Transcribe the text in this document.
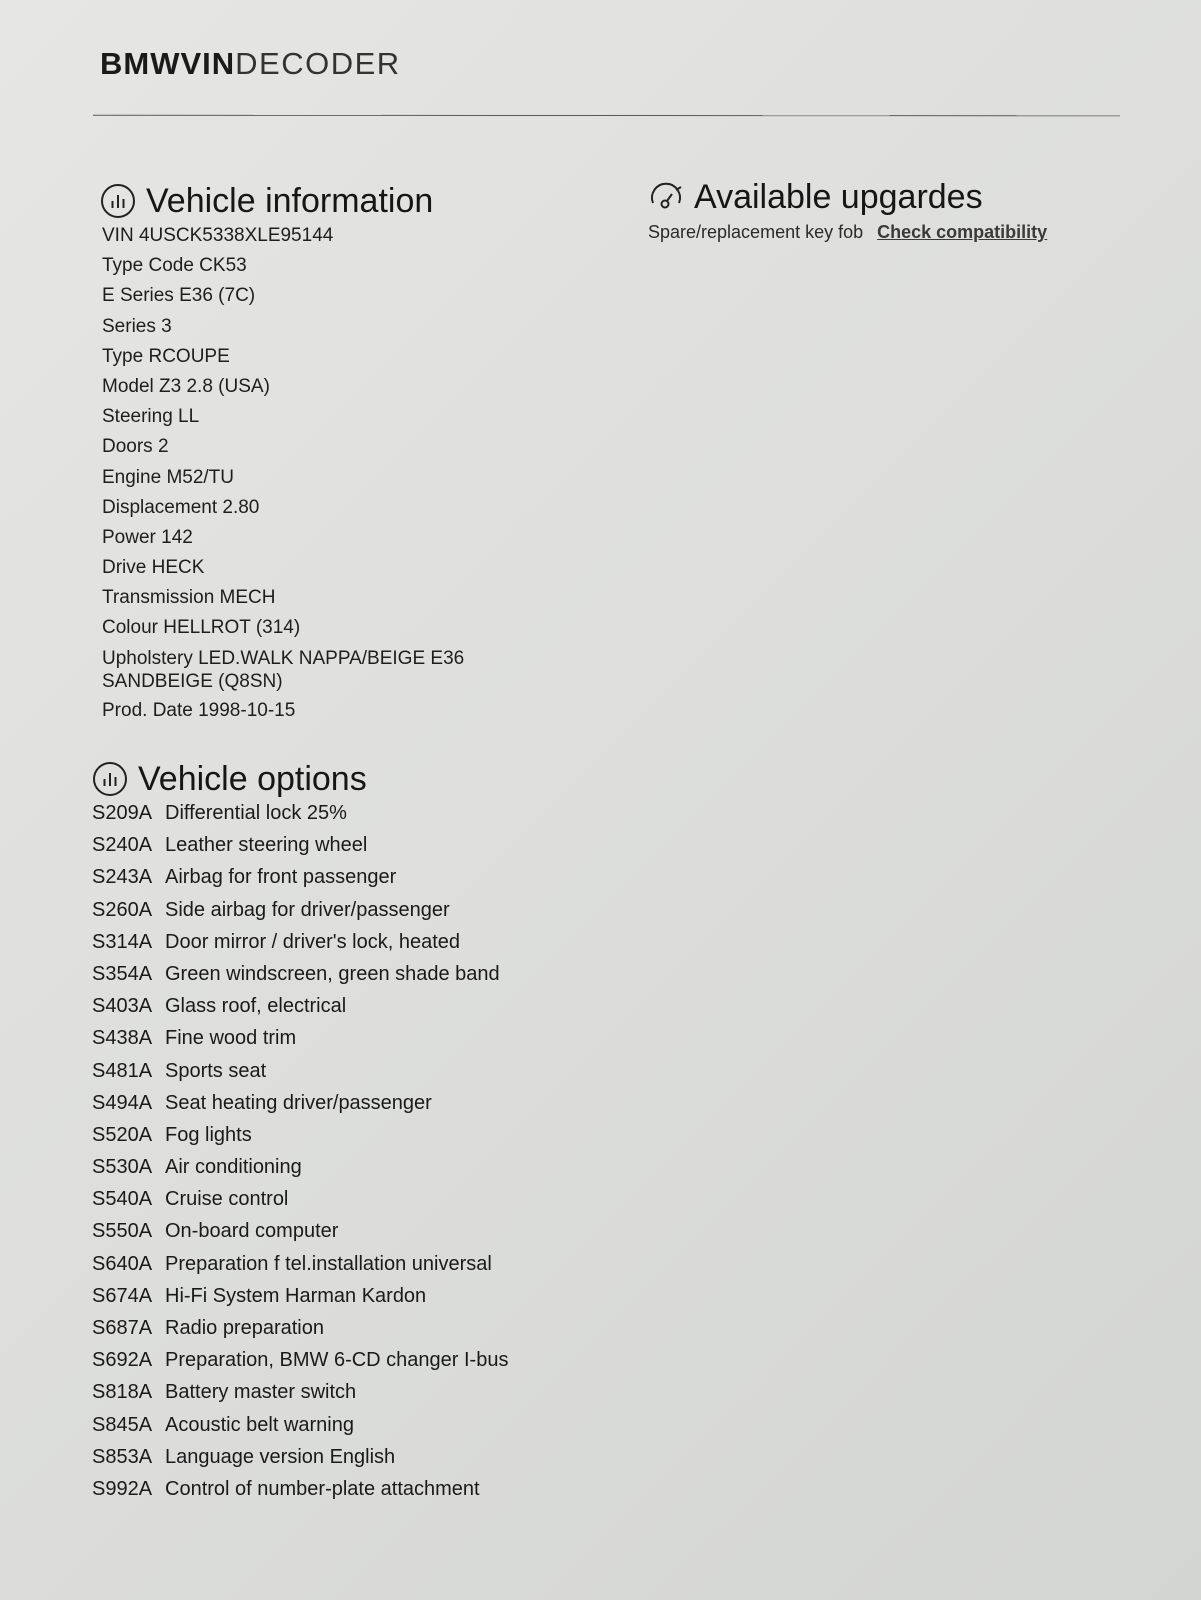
BMWVINDECODER
Vehicle information
VIN 4USCK5338XLE95144
Type Code CK53
E Series E36 (7C)
Series 3
Type RCOUPE
Model Z3 2.8 (USA)
Steering LL
Doors 2
Engine M52/TU
Displacement 2.80
Power 142
Drive HECK
Transmission MECH
Colour HELLROT (314)
Upholstery LED.WALK NAPPA/BEIGE E36 SANDBEIGE (Q8SN)
Prod. Date 1998-10-15
Available upgardes
Spare/replacement key fob Check compatibility
Vehicle options
S209A Differential lock 25%
S240A Leather steering wheel
S243A Airbag for front passenger
S260A Side airbag for driver/passenger
S314A Door mirror / driver's lock, heated
S354A Green windscreen, green shade band
S403A Glass roof, electrical
S438A Fine wood trim
S481A Sports seat
S494A Seat heating driver/passenger
S520A Fog lights
S530A Air conditioning
S540A Cruise control
S550A On-board computer
S640A Preparation f tel.installation universal
S674A Hi-Fi System Harman Kardon
S687A Radio preparation
S692A Preparation, BMW 6-CD changer I-bus
S818A Battery master switch
S845A Acoustic belt warning
S853A Language version English
S992A Control of number-plate attachment
